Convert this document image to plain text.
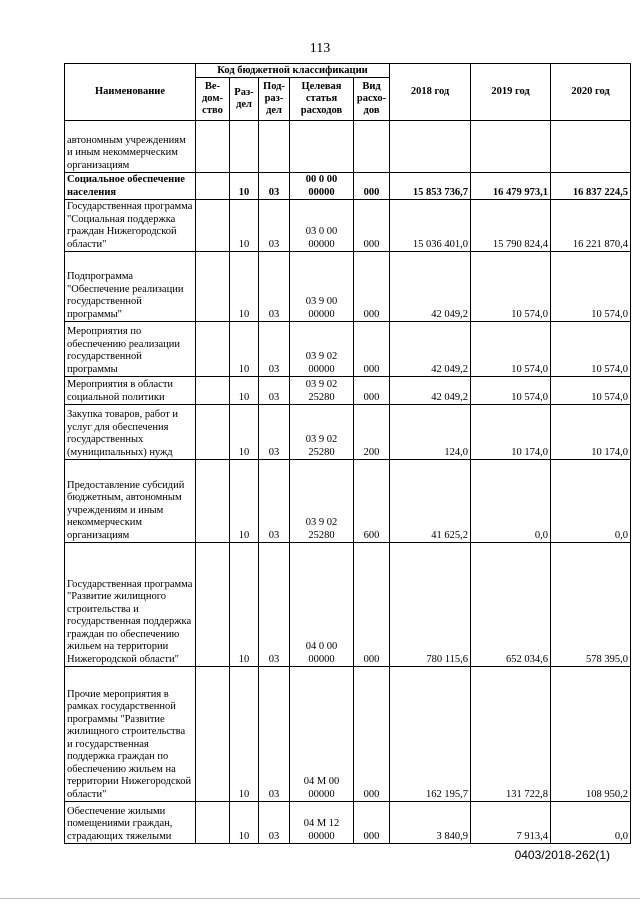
113
Наименование	Код бюджетной классификации					2018 год	2019 год	2020 год
	Ве-дом-ство	Раз-дел	Под-раз-дел	Целевая статья расходов	Вид расхо-дов			
автономным учреждениям и иным некоммерческим организациям								
Социальное обеспечение населения		10	03	00 0 00 00000	000	15 853 736,7	16 479 973,1	16 837 224,5
Государственная программа "Социальная поддержка граждан Нижегородской области"		10	03	03 0 00 00000	000	15 036 401,0	15 790 824,4	16 221 870,4
Подпрограмма "Обеспечение реализации государственной программы"		10	03	03 9 00 00000	000	42 049,2	10 574,0	10 574,0
Мероприятия по обеспечению реализации государственной программы		10	03	03 9 02 00000	000	42 049,2	10 574,0	10 574,0
Мероприятия в области социальной политики		10	03	03 9 02 25280	000	42 049,2	10 574,0	10 574,0
Закупка товаров, работ и услуг для обеспечения государственных (муниципальных) нужд		10	03	03 9 02 25280	200	124,0	10 174,0	10 174,0
Предоставление субсидий бюджетным, автономным учреждениям и иным некоммерческим организациям		10	03	03 9 02 25280	600	41 625,2	0,0	0,0
Государственная программа "Развитие жилищного строительства и государственная поддержка граждан по обеспечению жильем на территории Нижегородской области"		10	03	04 0 00 00000	000	780 115,6	652 034,6	578 395,0
Прочие мероприятия в рамках государственной программы "Развитие жилищного строительства и государственная поддержка граждан по обеспечению жильем на территории Нижегородской области"		10	03	04 М 00 00000	000	162 195,7	131 722,8	108 950,2
Обеспечение жилыми помещениями граждан, страдающих тяжелыми		10	03	04 М 12 00000	000	3 840,9	7 913,4	0,0
0403/2018-262(1)
